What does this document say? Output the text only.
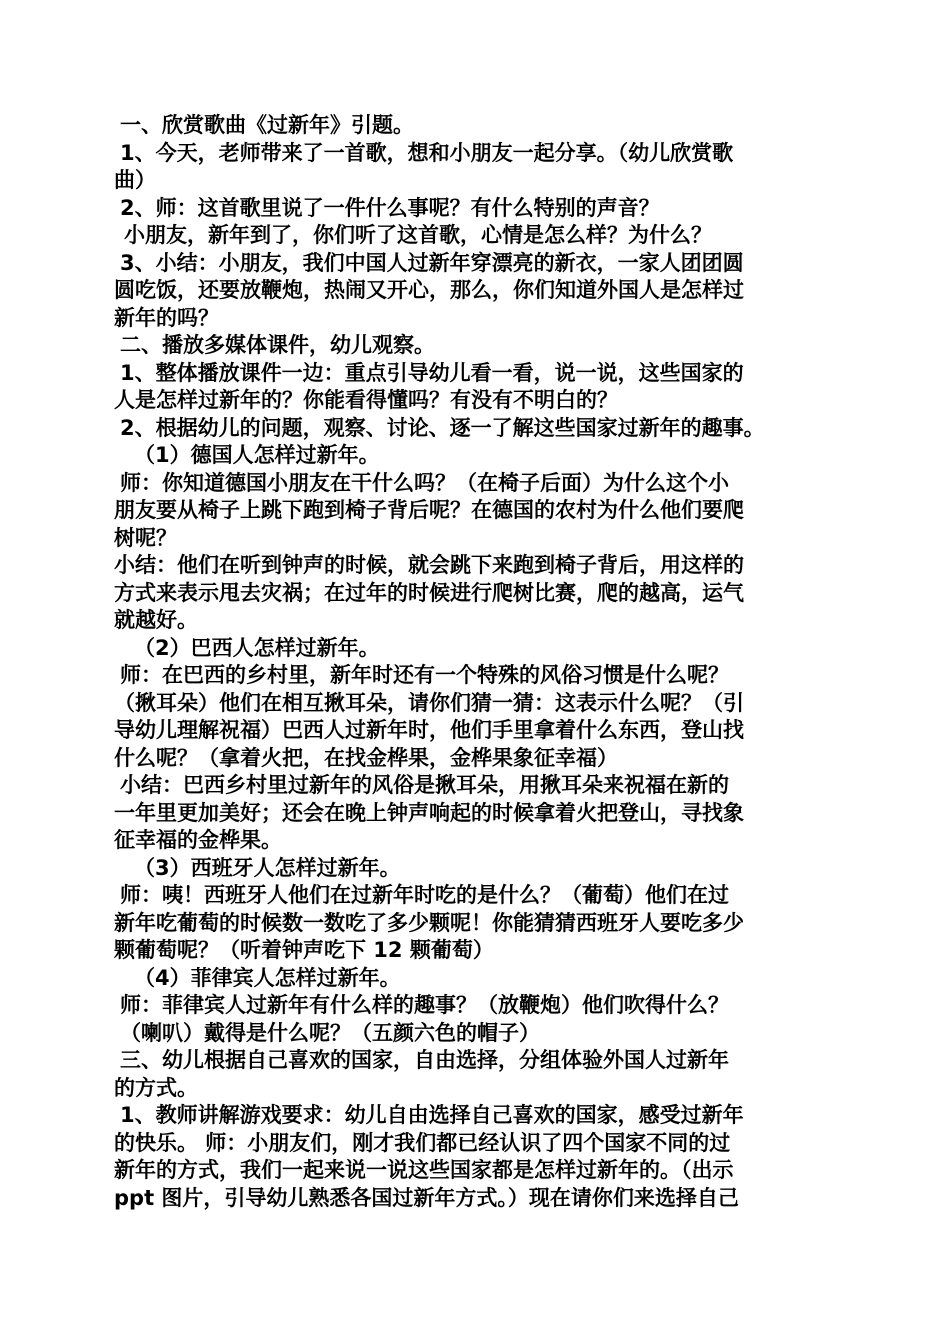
一、欣赏歌曲《过新年》引题。
1、今天，老师带来了一首歌，想和小朋友一起分享。（幼儿欣赏歌
曲）
2、师：这首歌里说了一件什么事呢？有什么特别的声音？
小朋友，新年到了，你们听了这首歌，心情是怎么样？为什么？
3、小结：小朋友，我们中国人过新年穿漂亮的新衣，一家人团团圆
圆吃饭，还要放鞭炮，热闹又开心，那么，你们知道外国人是怎样过
新年的吗？
二、播放多媒体课件，幼儿观察。
1、整体播放课件一边：重点引导幼儿看一看，说一说，这些国家的
人是怎样过新年的？你能看得懂吗？有没有不明白的？
2、根据幼儿的问题，观察、讨论、逐一了解这些国家过新年的趣事。
（1）德国人怎样过新年。
师：你知道德国小朋友在干什么吗？（在椅子后面）为什么这个小
朋友要从椅子上跳下跑到椅子背后呢？在德国的农村为什么他们要爬
树呢？
小结：他们在听到钟声的时候，就会跳下来跑到椅子背后，用这样的
方式来表示甩去灾祸；在过年的时候进行爬树比赛，爬的越高，运气
就越好。
（2）巴西人怎样过新年。
师：在巴西的乡村里，新年时还有一个特殊的风俗习惯是什么呢？
（揪耳朵）他们在相互揪耳朵，请你们猜一猜：这表示什么呢？（引
导幼儿理解祝福）巴西人过新年时，他们手里拿着什么东西，登山找
什么呢？（拿着火把，在找金桦果，金桦果象征幸福）
小结：巴西乡村里过新年的风俗是揪耳朵，用揪耳朵来祝福在新的
一年里更加美好；还会在晚上钟声响起的时候拿着火把登山，寻找象
征幸福的金桦果。
（3）西班牙人怎样过新年。
师：咦！西班牙人他们在过新年时吃的是什么？（葡萄）他们在过
新年吃葡萄的时候数一数吃了多少颗呢！你能猜猜西班牙人要吃多少
颗葡萄呢？（听着钟声吃下 12 颗葡萄）
（4）菲律宾人怎样过新年。
师：菲律宾人过新年有什么样的趣事？（放鞭炮）他们吹得什么？
（喇叭）戴得是什么呢？（五颜六色的帽子）
三、幼儿根据自己喜欢的国家，自由选择，分组体验外国人过新年
的方式。
1、教师讲解游戏要求：幼儿自由选择自己喜欢的国家，感受过新年
的快乐。 师：小朋友们，刚才我们都已经认识了四个国家不同的过
新年的方式，我们一起来说一说这些国家都是怎样过新年的。（出示
ppt 图片，引导幼儿熟悉各国过新年方式。）现在请你们来选择自己
